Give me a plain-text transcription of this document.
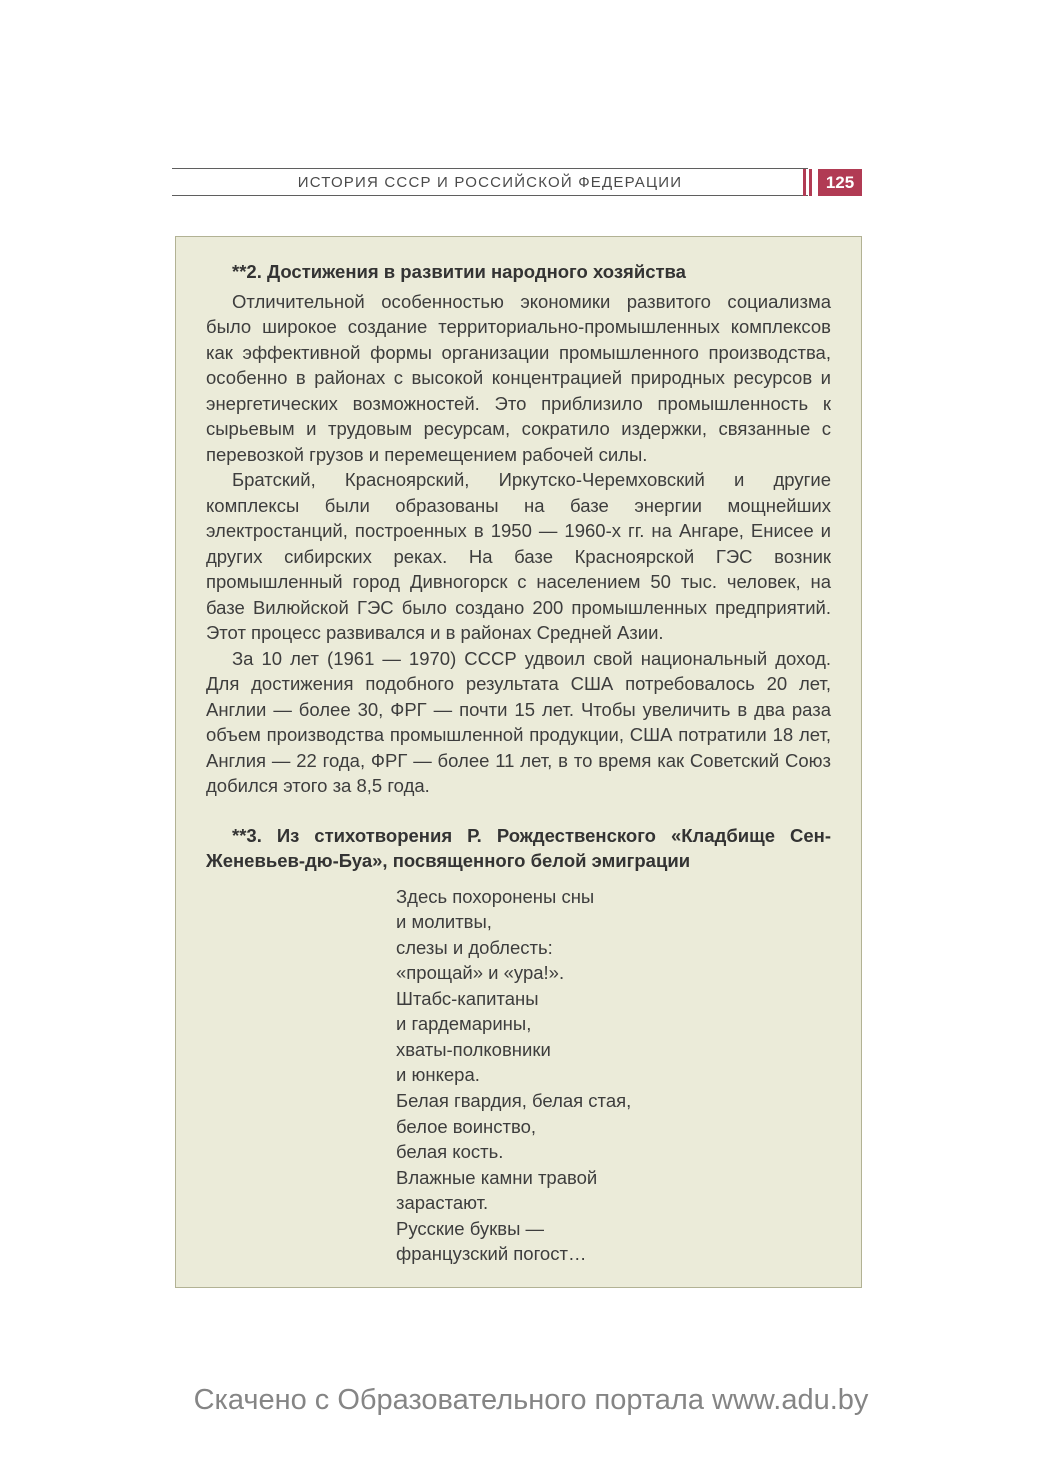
ИСТОРИЯ СССР И РОССИЙСКОЙ ФЕДЕРАЦИИ	125
**2. Достижения в развитии народного хозяйства

Отличительной особенностью экономики развитого социализма было широкое создание территориально-промышленных комплексов как эффективной формы организации промышленного производства, особенно в районах с высокой концентрацией природных ресурсов и энергетических возможностей. Это приблизило промышленность к сырьевым и трудовым ресурсам, сократило издержки, связанные с перевозкой грузов и перемещением рабочей силы.

Братский, Красноярский, Иркутско-Черемховский и другие комплексы были образованы на базе энергии мощнейших электростанций, построенных в 1950 — 1960-х гг. на Ангаре, Енисее и других сибирских реках. На базе Красноярской ГЭС возник промышленный город Дивногорск с населением 50 тыс. человек, на базе Вилюйской ГЭС было создано 200 промышленных предприятий. Этот процесс развивался и в районах Средней Азии.

За 10 лет (1961 — 1970) СССР удвоил свой национальный доход. Для достижения подобного результата США потребовалось 20 лет, Англии — более 30, ФРГ — почти 15 лет. Чтобы увеличить в два раза объем производства промышленной продукции, США потратили 18 лет, Англия — 22 года, ФРГ — более 11 лет, в то время как Советский Союз добился этого за 8,5 года.

**3. Из стихотворения Р. Рождественского «Кладбище Сен-Женевьев-дю-Буа», посвященного белой эмиграции
Здесь похоронены сны
и молитвы,
слезы и доблесть:
«прощай» и «ура!».
Штабс-капитаны
и гардемарины,
хваты-полковники
и юнкера.
Белая гвардия, белая стая,
белое воинство,
белая кость.
Влажные камни травой
зарастают.
Русские буквы —
французский погост…
Скачено с Образовательного портала www.adu.by
